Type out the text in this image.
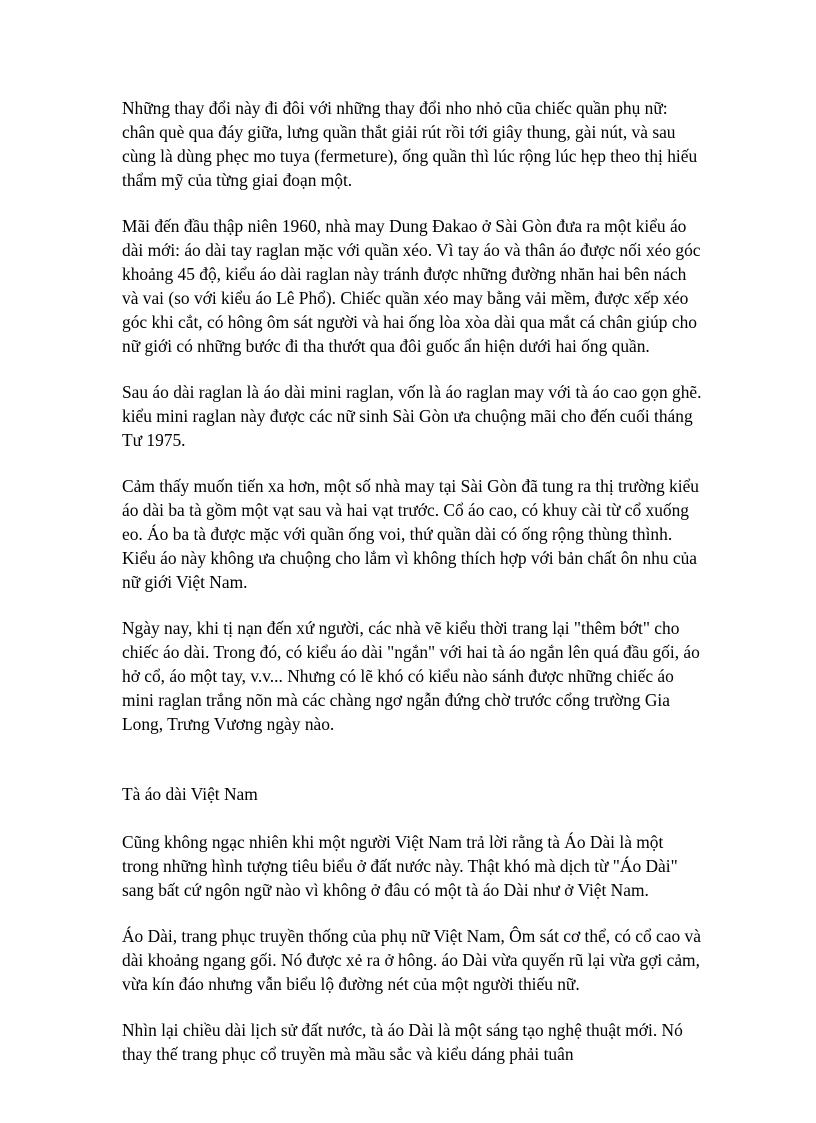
Những thay đổi này đi đôi với những thay đổi nho nhỏ cũa chiếc quần phụ nữ: chân què qua đáy giữa, lưng quần thắt giải rút rồi tới giây thung, gài nút, và sau cùng là dùng phẹc mo tuya (fermeture), ống quần thì lúc rộng lúc hẹp theo thị hiếu thẩm mỹ của từng giai đoạn một.

Mãi đến đầu thập niên 1960, nhà may Dung Đakao ở Sài Gòn đưa ra một kiểu áo dài mới: áo dài tay raglan mặc với quần xéo. Vì tay áo và thân áo được nối xéo góc khoảng 45 độ, kiểu áo dài raglan này tránh được những đường nhăn hai bên nách và vai (so với kiểu áo Lê Phổ). Chiếc quần xéo may bằng vải mềm, được xếp xéo góc khi cắt, có hông ôm sát người và hai ống lòa xòa dài qua mắt cá chân giúp cho nữ giới có những bước đi tha thướt qua đôi guốc ẩn hiện dưới hai ống quần.

Sau áo dài raglan là áo dài mini raglan, vốn là áo raglan may với tà áo cao gọn ghẽ. kiểu mini raglan này được các nữ sinh Sài Gòn ưa chuộng mãi cho đến cuối tháng Tư 1975.

Cảm thấy muốn tiến xa hơn, một số nhà may tại Sài Gòn đã tung ra thị trường kiểu áo dài ba tà gồm một vạt sau và hai vạt trước. Cổ áo cao, có khuy cài từ cổ xuống eo. Áo ba tà được mặc với quần ống voi, thứ quần dài có ống rộng thùng thình. Kiểu áo này không ưa chuộng cho lắm vì không thích hợp với bản chất ôn nhu của nữ giới Việt Nam.

Ngày nay, khi tị nạn đến xứ người, các nhà vẽ kiểu thời trang lại "thêm bớt" cho chiếc áo dài. Trong đó, có kiểu áo dài "ngắn" với hai tà áo ngắn lên quá đầu gối, áo hở cổ, áo một tay, v.v... Nhưng có lẽ khó có kiểu nào sánh được những chiếc áo mini raglan trắng nõn mà các chàng ngơ ngẫn đứng chờ trước cổng trường Gia Long, Trưng Vương ngày nào.

Tà áo dài Việt Nam

Cũng không ngạc nhiên khi một người Việt Nam trả lời rằng tà Áo Dài là một trong những hình tượng tiêu biểu ở đất nước này. Thật khó mà dịch từ "Áo Dài" sang bất cứ ngôn ngữ nào vì không ở đâu có một tà áo Dài như ở Việt Nam.

Áo Dài, trang phục truyền thống của phụ nữ Việt Nam, Ôm sát cơ thể, có cổ cao và dài khoảng ngang gối. Nó được xẻ ra ở hông. áo Dài vừa quyến rũ lại vừa gợi cảm, vừa kín đáo nhưng vẫn biểu lộ đường nét của một người thiếu nữ.

Nhìn lại chiều dài lịch sử đất nước, tà áo Dài là một sáng tạo nghệ thuật mới. Nó thay thế trang phục cổ truyền mà mầu sắc và kiểu dáng phải tuân
